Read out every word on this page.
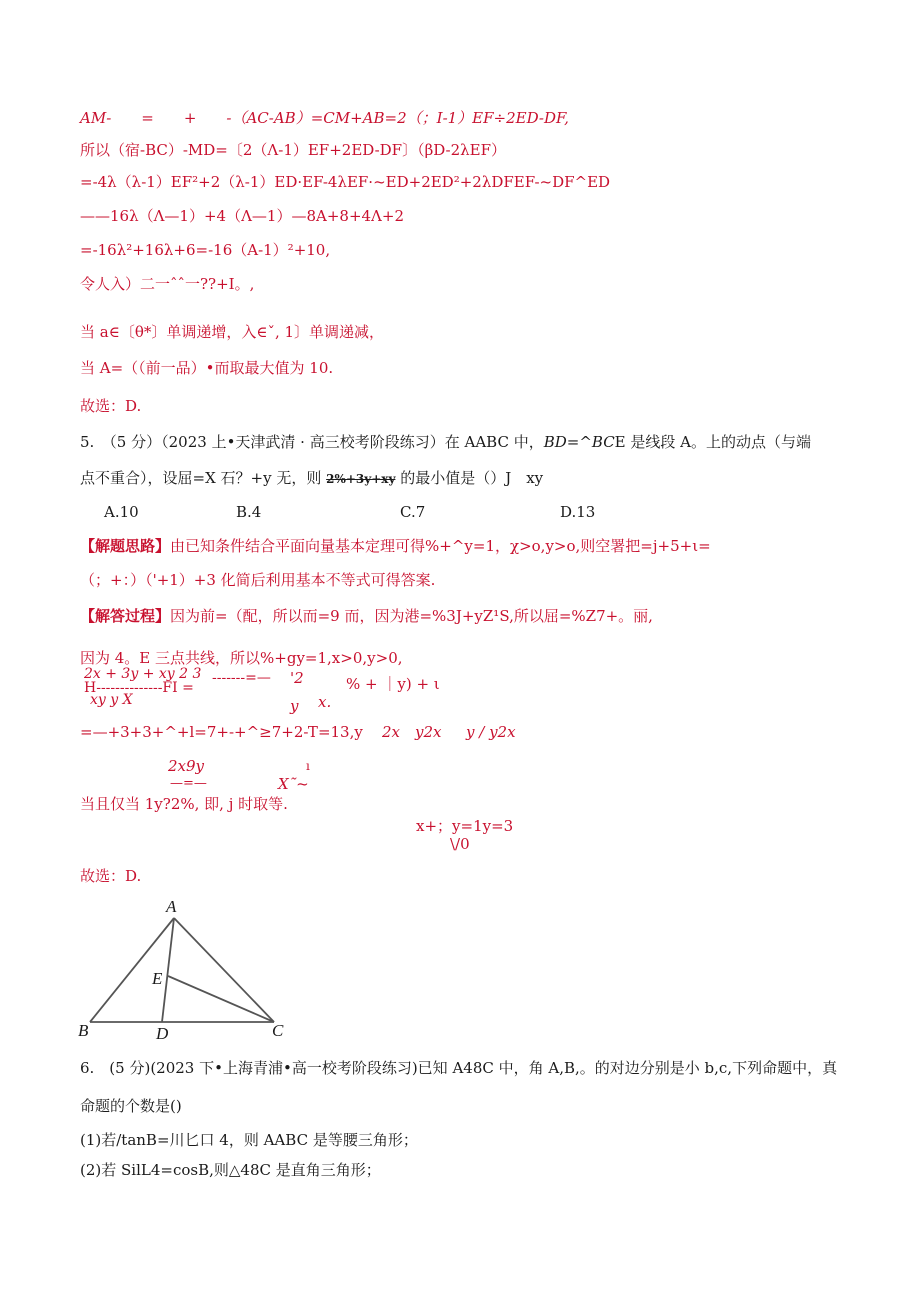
AM-　　=　　+　　-（AC-AB）=CM+AB=2（；I-1）EF÷2ED-DF,
所以（宿-BC）-MD=〔2（Λ-1）EF+2ED-DF〕（βD-2λEF）
=-4λ（λ-1）EF²+2（λ-1）ED·EF-4λEF·~ED+2ED²+2λDFEF-~DF^ED
——16λ（Λ—1）+4（Λ—1）—8A+8+4Λ+2
=-16λ²+16λ+6=-16（A-1）²+10,
令人入）二一ˆˆ一??+I。,
当 a∈〔θ*〕单调递增，入∈ˇ, 1〕单调递减，
当 A=（（前一品）•而取最大值为 10.
故选：D.
5.　（5 分）（2023 上•天津武清 · 高三校考阶段练习）在 AABC 中，BD=^BCE 是线段 A。上的动点（与端
点不重合），设屈=X 石？+y 无，则 2%+3y+xy 的最小值是（）J　xy
A.10	B.4	C.7	D.13
【解题思路】由已知条件结合平面向量基本定理可得%+^y=1，χ>o,y>o,则空署把=j+5+ι=
（；+：）（'+1）+3 化简后利用基本不等式可得答案.
【解答过程】因为前=（配，所以而=9 而，因为港=%3J+yZ¹S,所以屈=%Z7+。丽,
因为 4。E 三点共线，所以%+gy=1,x>0,y>0,
2x + 3y + xy 2 3 -------=— '2	% + ｜y) + ι
H--------------FI =
xy y X	y x.
=—+3+3+^+l=7+-+^≥7+2-T=13,y 2x　y2x y / y2x
2x9y	ı
—=—	X˜~
当且仅当 1y?2%, 即, j 时取等.
x+；y=1y=3
\/0
故选：D.
A
E
B	D	C
6.　(5 分)(2023 下•上海青浦•高一校考阶段练习)已知 A48C 中，角 A,B,。的对边分别是小 b,c,下列命题中，真
命题的个数是()
(1)若/tanB=川匕口 4，则 AABC 是等腰三角形；
(2)若 SilL4=cosB,则△48C 是直角三角形；
